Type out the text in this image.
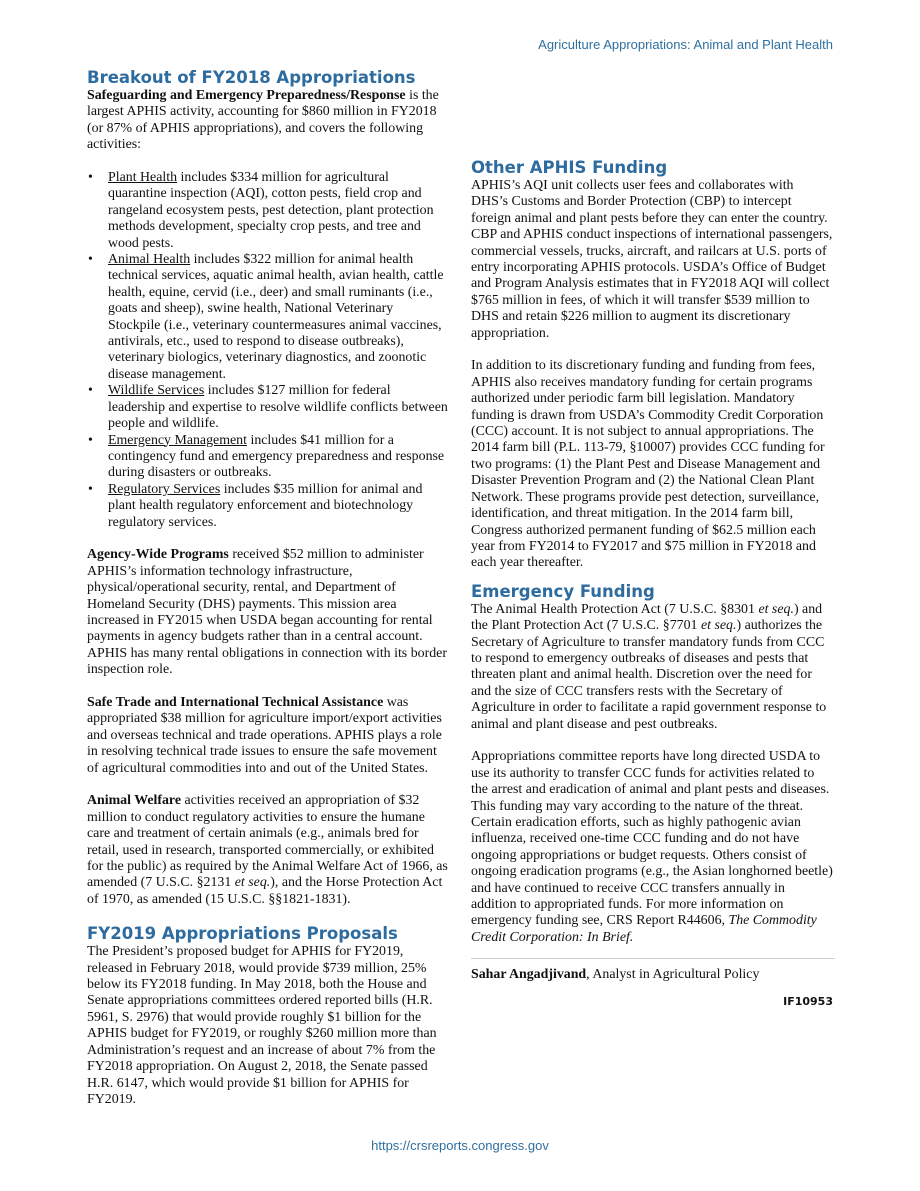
Agriculture Appropriations: Animal and Plant Health
Breakout of FY2018 Appropriations

Safeguarding and Emergency Preparedness/Response is the largest APHIS activity, accounting for $860 million in FY2018 (or 87% of APHIS appropriations), and covers the following activities:

• Plant Health includes $334 million for agricultural quarantine inspection (AQI), cotton pests, field crop and rangeland ecosystem pests, pest detection, plant protection methods development, specialty crop pests, and tree and wood pests.
• Animal Health includes $322 million for animal health technical services, aquatic animal health, avian health, cattle health, equine, cervid (i.e., deer) and small ruminants (i.e., goats and sheep), swine health, National Veterinary Stockpile (i.e., veterinary countermeasures animal vaccines, antivirals, etc., used to respond to disease outbreaks), veterinary biologics, veterinary diagnostics, and zoonotic disease management.
• Wildlife Services includes $127 million for federal leadership and expertise to resolve wildlife conflicts between people and wildlife.
• Emergency Management includes $41 million for a contingency fund and emergency preparedness and response during disasters or outbreaks.
• Regulatory Services includes $35 million for animal and plant health regulatory enforcement and biotechnology regulatory services.

Agency-Wide Programs received $52 million to administer APHIS’s information technology infrastructure, physical/operational security, rental, and Department of Homeland Security (DHS) payments. This mission area increased in FY2015 when USDA began accounting for rental payments in agency budgets rather than in a central account. APHIS has many rental obligations in connection with its border inspection role.

Safe Trade and International Technical Assistance was appropriated $38 million for agriculture import/export activities and overseas technical and trade operations. APHIS plays a role in resolving technical trade issues to ensure the safe movement of agricultural commodities into and out of the United States.

Animal Welfare activities received an appropriation of $32 million to conduct regulatory activities to ensure the humane care and treatment of certain animals (e.g., animals bred for retail, used in research, transported commercially, or exhibited for the public) as required by the Animal Welfare Act of 1966, as amended (7 U.S.C. §2131 et seq.), and the Horse Protection Act of 1970, as amended (15 U.S.C. §§1821-1831).

FY2019 Appropriations Proposals

The President’s proposed budget for APHIS for FY2019, released in February 2018, would provide $739 million, 25% below its FY2018 funding. In May 2018, both the House and Senate appropriations committees ordered reported bills (H.R. 5961, S. 2976) that would provide roughly $1 billion for the APHIS budget for FY2019, or roughly $260 million more than Administration’s request and an increase of about 7% from the FY2018 appropriation. On August 2, 2018, the Senate passed H.R. 6147, which would provide $1 billion for APHIS for FY2019.

Other APHIS Funding

APHIS’s AQI unit collects user fees and collaborates with DHS’s Customs and Border Protection (CBP) to intercept foreign animal and plant pests before they can enter the country. CBP and APHIS conduct inspections of international passengers, commercial vessels, trucks, aircraft, and railcars at U.S. ports of entry incorporating APHIS protocols. USDA’s Office of Budget and Program Analysis estimates that in FY2018 AQI will collect $765 million in fees, of which it will transfer $539 million to DHS and retain $226 million to augment its discretionary appropriation.

In addition to its discretionary funding and funding from fees, APHIS also receives mandatory funding for certain programs authorized under periodic farm bill legislation. Mandatory funding is drawn from USDA’s Commodity Credit Corporation (CCC) account. It is not subject to annual appropriations. The 2014 farm bill (P.L. 113-79, §10007) provides CCC funding for two programs: (1) the Plant Pest and Disease Management and Disaster Prevention Program and (2) the National Clean Plant Network. These programs provide pest detection, surveillance, identification, and threat mitigation. In the 2014 farm bill, Congress authorized permanent funding of $62.5 million each year from FY2014 to FY2017 and $75 million in FY2018 and each year thereafter.

Emergency Funding

The Animal Health Protection Act (7 U.S.C. §8301 et seq.) and the Plant Protection Act (7 U.S.C. §7701 et seq.) authorizes the Secretary of Agriculture to transfer mandatory funds from CCC to respond to emergency outbreaks of diseases and pests that threaten plant and animal health. Discretion over the need for and the size of CCC transfers rests with the Secretary of Agriculture in order to facilitate a rapid government response to animal and plant disease and pest outbreaks.

Appropriations committee reports have long directed USDA to use its authority to transfer CCC funds for activities related to the arrest and eradication of animal and plant pests and diseases. This funding may vary according to the nature of the threat. Certain eradication efforts, such as highly pathogenic avian influenza, received one-time CCC funding and do not have ongoing appropriations or budget requests. Others consist of ongoing eradication programs (e.g., the Asian longhorned beetle) and have continued to receive CCC transfers annually in addition to appropriated funds. For more information on emergency funding see, CRS Report R44606, The Commodity Credit Corporation: In Brief.

Sahar Angadjivand, Analyst in Agricultural Policy

IF10953
https://crsreports.congress.gov
